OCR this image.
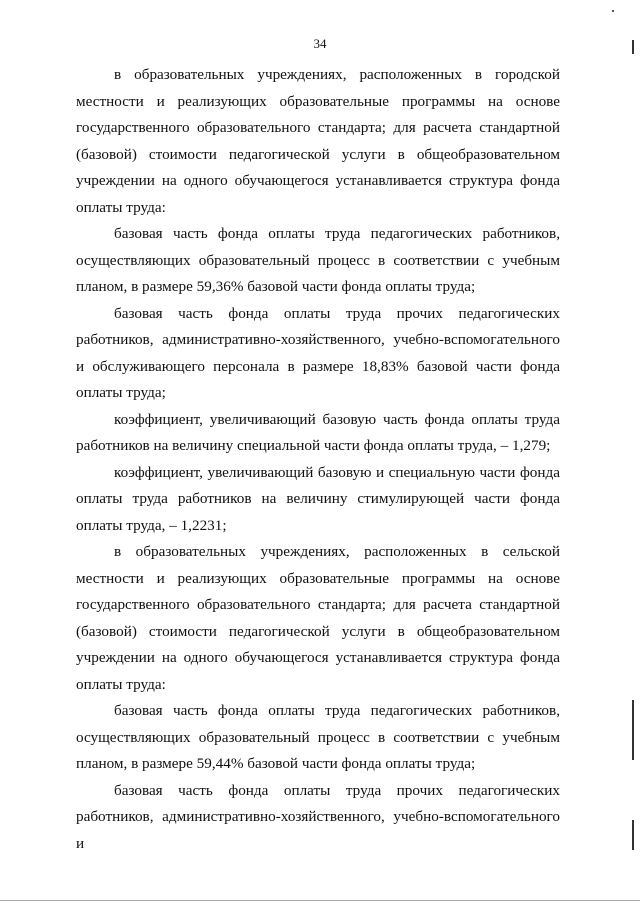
34

в образовательных учреждениях, расположенных в городской местности и реализующих образовательные программы на основе государственного образовательного стандарта; для расчета стандартной (базовой) стоимости педагогической услуги в общеобразовательном учреждении на одного обучающегося устанавливается структура фонда оплаты труда:

базовая часть фонда оплаты труда педагогических работников, осуществляющих образовательный процесс в соответствии с учебным планом, в размере 59,36% базовой части фонда оплаты труда;

базовая часть фонда оплаты труда прочих педагогических работников, административно-хозяйственного, учебно-вспомогательного и обслуживающего персонала в размере 18,83% базовой части фонда оплаты труда;

коэффициент, увеличивающий базовую часть фонда оплаты труда работников на величину специальной части фонда оплаты труда, – 1,279;

коэффициент, увеличивающий базовую и специальную части фонда оплаты труда работников на величину стимулирующей части фонда оплаты труда, – 1,2231;

в образовательных учреждениях, расположенных в сельской местности и реализующих образовательные программы на основе государственного образовательного стандарта; для расчета стандартной (базовой) стоимости педагогической услуги в общеобразовательном учреждении на одного обучающегося устанавливается структура фонда оплаты труда:

базовая часть фонда оплаты труда педагогических работников, осуществляющих образовательный процесс в соответствии с учебным планом, в размере 59,44% базовой части фонда оплаты труда;

базовая часть фонда оплаты труда прочих педагогических работников, административно-хозяйственного, учебно-вспомогательного и
